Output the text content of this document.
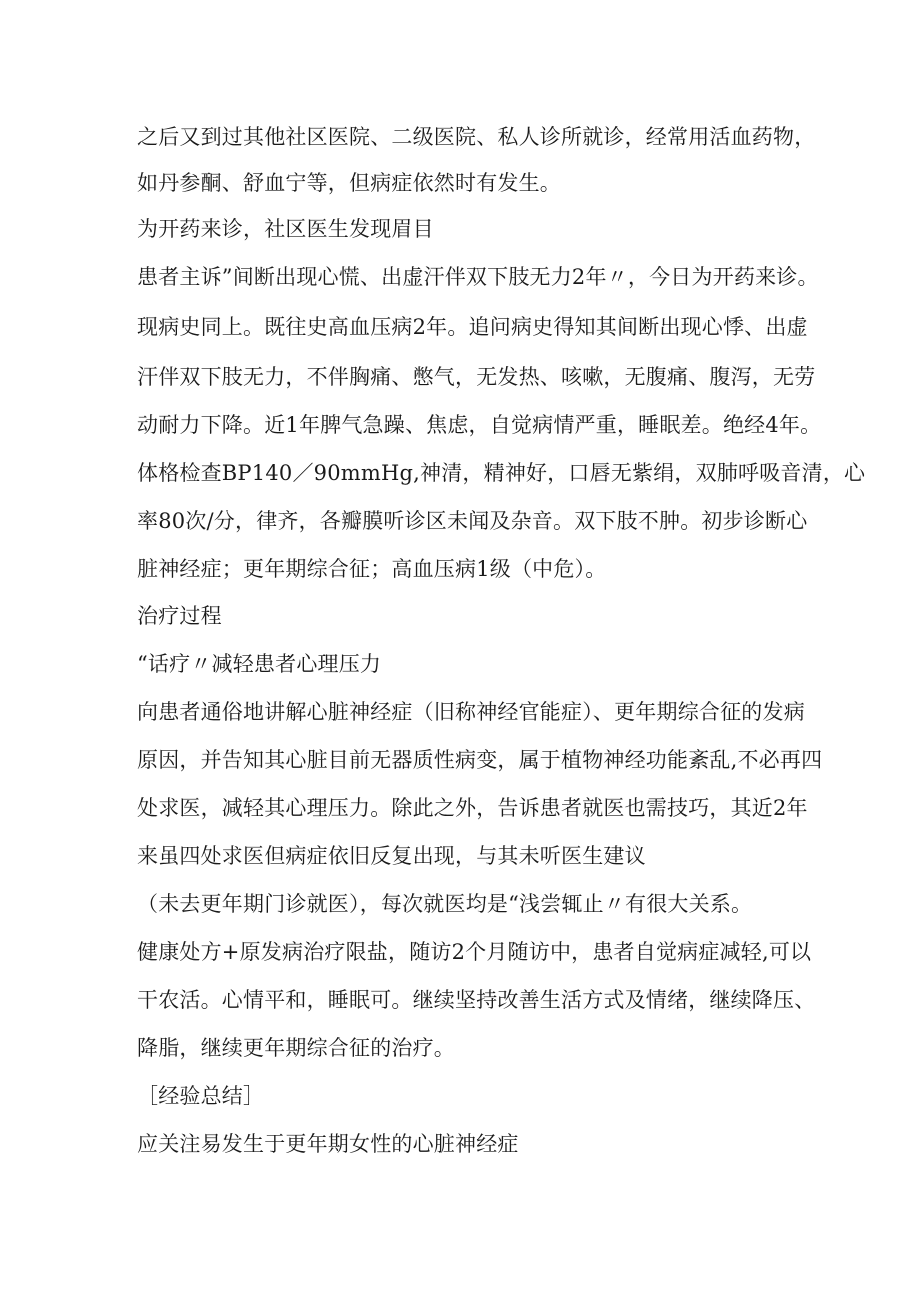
之后又到过其他社区医院、二级医院、私人诊所就诊，经常用活血药物，

如丹参酮、舒血宁等，但病症依然时有发生。

为开药来诊，社区医生发现眉目

患者主诉”间断出现心慌、出虚汗伴双下肢无力2年〃，今日为开药来诊。

现病史同上。既往史高血压病2年。追问病史得知其间断出现心悸、出虚

汗伴双下肢无力，不伴胸痛、憋气，无发热、咳嗽，无腹痛、腹泻，无劳

动耐力下降。近1年脾气急躁、焦虑，自觉病情严重，睡眠差。绝经4年。

体格检查BP140／90mmHg,神清，精神好，口唇无紫绢，双肺呼吸音清，心

率80次/分，律齐，各瓣膜听诊区未闻及杂音。双下肢不肿。初步诊断心

脏神经症；更年期综合征；高血压病1级（中危）。

治疗过程

“话疗〃减轻患者心理压力

向患者通俗地讲解心脏神经症（旧称神经官能症）、更年期综合征的发病

原因，并告知其心脏目前无器质性病变，属于植物神经功能紊乱,不必再四

处求医，减轻其心理压力。除此之外，告诉患者就医也需技巧，其近2年

来虽四处求医但病症依旧反复出现，与其未听医生建议

（未去更年期门诊就医），每次就医均是“浅尝辄止〃有很大关系。

健康处方+原发病治疗限盐，随访2个月随访中，患者自觉病症减轻,可以

干农活。心情平和，睡眠可。继续坚持改善生活方式及情绪，继续降压、

降脂，继续更年期综合征的治疗。

［经验总结］

应关注易发生于更年期女性的心脏神经症
